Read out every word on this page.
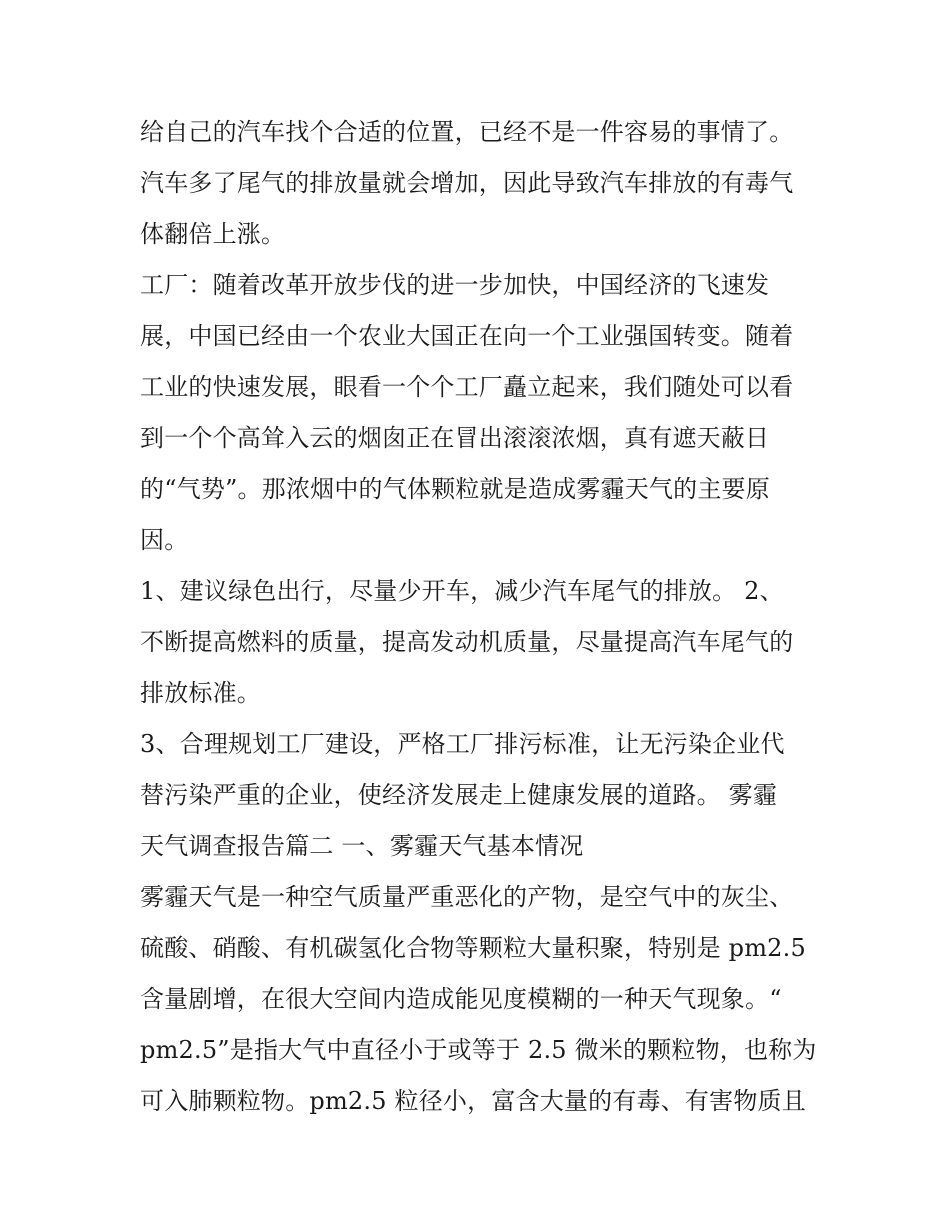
给自己的汽车找个合适的位置，已经不是一件容易的事情了。
汽车多了尾气的排放量就会增加，因此导致汽车排放的有毒气
体翻倍上涨。
工厂：随着改革开放步伐的进一步加快，中国经济的飞速发
展，中国已经由一个农业大国正在向一个工业强国转变。随着
工业的快速发展，眼看一个个工厂矗立起来，我们随处可以看
到一个个高耸入云的烟囱正在冒出滚滚浓烟，真有遮天蔽日
的“气势”。那浓烟中的气体颗粒就是造成雾霾天气的主要原
因。
1、建议绿色出行，尽量少开车，减少汽车尾气的排放。 2、
不断提高燃料的质量，提高发动机质量，尽量提高汽车尾气的
排放标准。
3、合理规划工厂建设，严格工厂排污标准，让无污染企业代
替污染严重的企业，使经济发展走上健康发展的道路。 雾霾
天气调查报告篇二 一、雾霾天气基本情况
雾霾天气是一种空气质量严重恶化的产物，是空气中的灰尘、
硫酸、硝酸、有机碳氢化合物等颗粒大量积聚，特别是 pm2.5
含量剧增，在很大空间内造成能见度模糊的一种天气现象。“
pm2.5”是指大气中直径小于或等于 2.5 微米的颗粒物，也称为
可入肺颗粒物。pm2.5 粒径小，富含大量的有毒、有害物质且
